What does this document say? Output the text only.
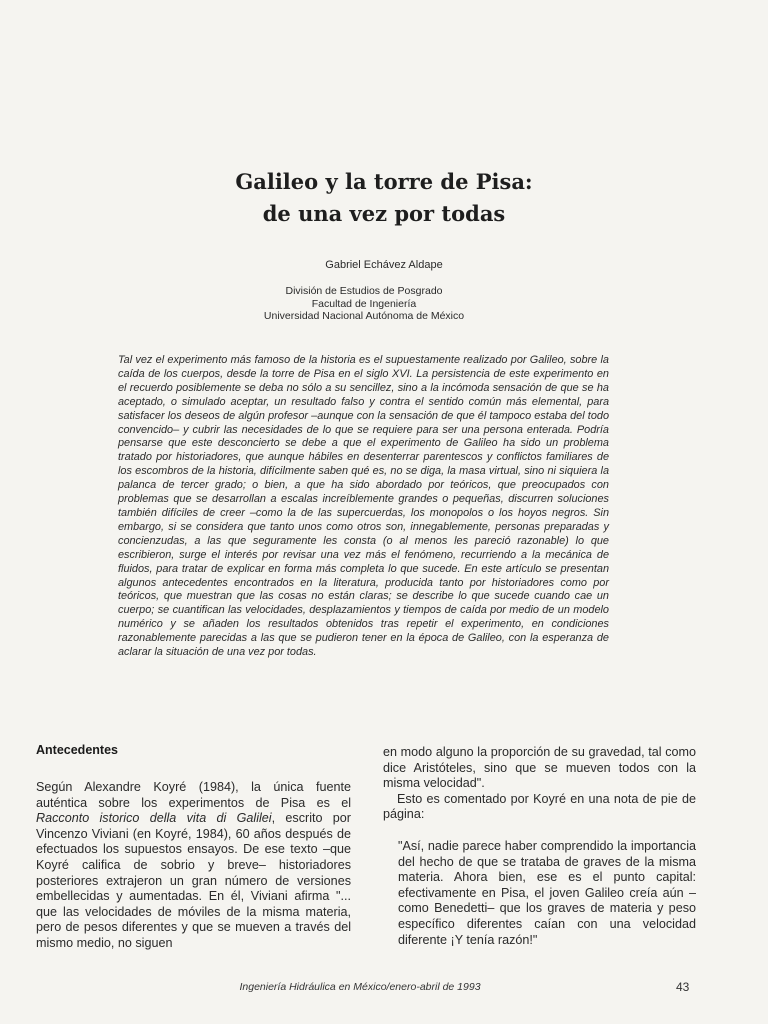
Galileo y la torre de Pisa:
de una vez por todas
Gabriel Echávez Aldape
División de Estudios de Posgrado
Facultad de Ingeniería
Universidad Nacional Autónoma de México
Tal vez el experimento más famoso de la historia es el supuestamente realizado por Galileo, sobre la caída de los cuerpos, desde la torre de Pisa en el siglo XVI. La persistencia de este experimento en el recuerdo posiblemente se deba no sólo a su sencillez, sino a la incómoda sensación de que se ha aceptado, o simulado aceptar, un resultado falso y contra el sentido común más elemental, para satisfacer los deseos de algún profesor –aunque con la sensación de que él tampoco estaba del todo convencido– y cubrir las necesidades de lo que se requiere para ser una persona enterada. Podría pensarse que este desconcierto se debe a que el experimento de Galileo ha sido un problema tratado por historiadores, que aunque hábiles en desenterrar parentescos y conflictos familiares de los escombros de la historia, difícilmente saben qué es, no se diga, la masa virtual, sino ni siquiera la palanca de tercer grado; o bien, a que ha sido abordado por teóricos, que preocupados con problemas que se desarrollan a escalas increíblemente grandes o pequeñas, discurren soluciones también difíciles de creer –como la de las supercuerdas, los monopolos o los hoyos negros. Sin embargo, si se considera que tanto unos como otros son, innegablemente, personas preparadas y concienzudas, a las que seguramente les consta (o al menos les pareció razonable) lo que escribieron, surge el interés por revisar una vez más el fenómeno, recurriendo a la mecánica de fluidos, para tratar de explicar en forma más completa lo que sucede. En este artículo se presentan algunos antecedentes encontrados en la literatura, producida tanto por historiadores como por teóricos, que muestran que las cosas no están claras; se describe lo que sucede cuando cae un cuerpo; se cuantifican las velocidades, desplazamientos y tiempos de caída por medio de un modelo numérico y se añaden los resultados obtenidos tras repetir el experimento, en condiciones razonablemente parecidas a las que se pudieron tener en la época de Galileo, con la esperanza de aclarar la situación de una vez por todas.
Antecedentes

Según Alexandre Koyré (1984), la única fuente auténtica sobre los experimentos de Pisa es el Racconto istorico della vita di Galilei, escrito por Vincenzo Viviani (en Koyré, 1984), 60 años después de efectuados los supuestos ensayos. De ese texto –que Koyré califica de sobrio y breve– historiadores posteriores extrajeron un gran número de versiones embellecidas y aumentadas. En él, Viviani afirma "... que las velocidades de móviles de la misma materia, pero de pesos diferentes y que se mueven a través del mismo medio, no siguen

en modo alguno la proporción de su gravedad, tal como dice Aristóteles, sino que se mueven todos con la misma velocidad".

Esto es comentado por Koyré en una nota de pie de página:

"Así, nadie parece haber comprendido la importancia del hecho de que se trataba de graves de la misma materia. Ahora bien, ese es el punto capital: efectivamente en Pisa, el joven Galileo creía aún –como Benedetti– que los graves de materia y peso específico diferentes caían con una velocidad diferente ¡Y tenía razón!"

Ingeniería Hidráulica en México/enero-abril de 1993	43
